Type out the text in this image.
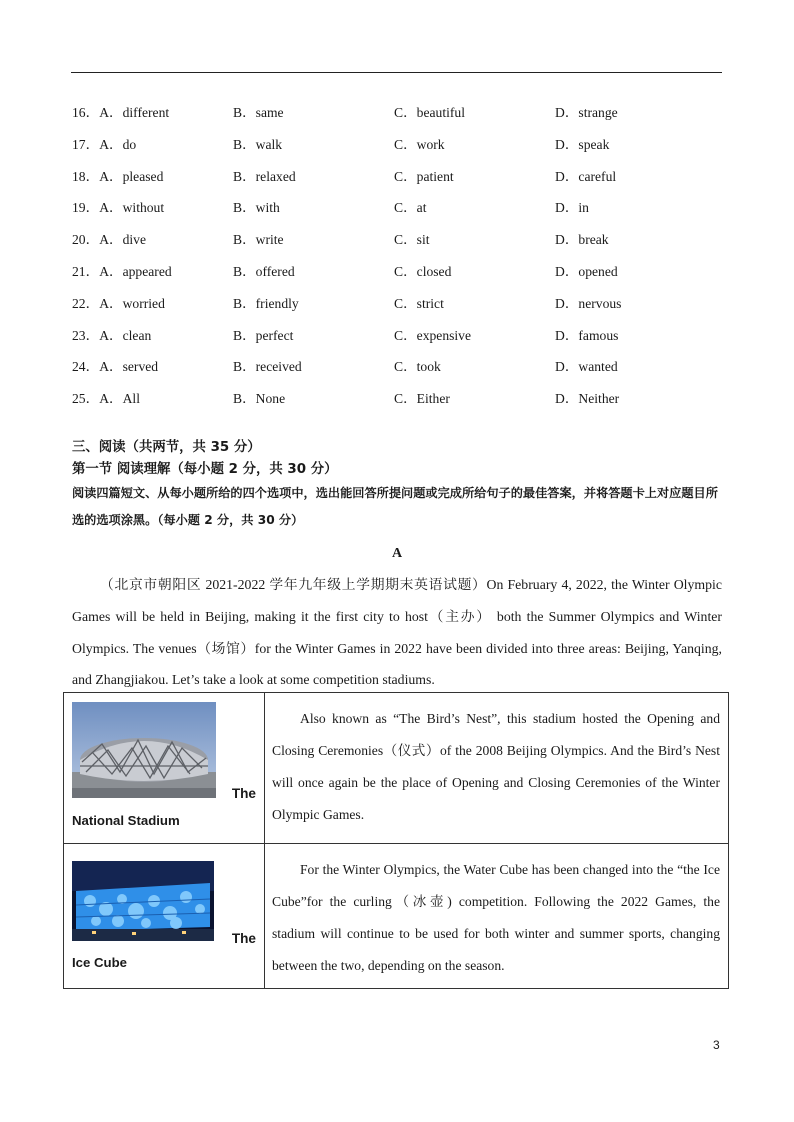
16．A．different	B．same	C．beautiful	D．strange
17．A．do	B．walk	C．work	D．speak
18．A．pleased	B．relaxed	C．patient	D．careful
19．A．without	B．with	C．at	D．in
20．A．dive	B．write	C．sit	D．break
21．A．appeared	B．offered	C．closed	D．opened
22．A．worried	B．friendly	C．strict	D．nervous
23．A．clean	B．perfect	C．expensive	D．famous
24．A．served	B．received	C．took	D．wanted
25．A．All	B．None	C．Either	D．Neither
三、阅读（共两节，共 35 分）
第一节 阅读理解（每小题 2 分，共 30 分）
阅读四篇短文、从每小题所给的四个选项中，选出能回答所提问题或完成所给句子的最佳答案，并将答题卡上对应题目所选的选项涂黑。（每小题 2 分，共 30 分）
A
（北京市朝阳区 2021-2022 学年九年级上学期期末英语试题）On February 4, 2022, the Winter Olympic Games will be held in Beijing, making it the first city to host（主办） both the Summer Olympics and Winter Olympics. The venues（场馆）for the Winter Games in 2022 have been divided into three areas: Beijing, Yanqing, and Zhangjiakou. Let’s take a look at some competition stadiums.
The
National Stadium	Also known as “The Bird’s Nest”, this stadium hosted the Opening and Closing Ceremonies（仪式）of the 2008 Beijing Olympics. And the Bird’s Nest will once again be the place of Opening and Closing Ceremonies of the Winter Olympic Games.

The
Ice Cube	For the Winter Olympics, the Water Cube has been changed into the “the Ice Cube”for the curling（冰壶) competition. Following the 2022 Games, the stadium will continue to be used for both winter and summer sports, changing between the two, depending on the season.
3
